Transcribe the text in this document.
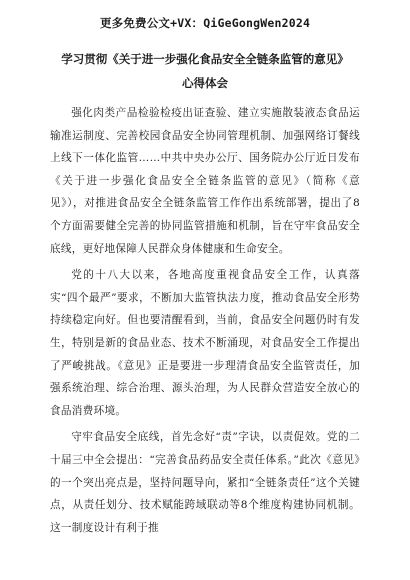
更多免费公文+VX：QiGeGongWen2024
学习贯彻《关于进一步强化食品安全全链条监管的意见》
心得体会

强化肉类产品检验检疫出证查验、建立实施散装液态食品运输准运制度、完善校园食品安全协同管理机制、加强网络订餐线上线下一体化监管……中共中央办公厅、国务院办公厅近日发布《关于进一步强化食品安全全链条监管的意见》（简称《意见》），对推进食品安全全链条监管工作作出系统部署，提出了8个方面需要健全完善的协同监管措施和机制，旨在守牢食品安全底线，更好地保障人民群众身体健康和生命安全。

党的十八大以来，各地高度重视食品安全工作，认真落实“四个最严”要求，不断加大监管执法力度，推动食品安全形势持续稳定向好。但也要清醒看到，当前，食品安全问题仍时有发生，特别是新的食品业态、技术不断涌现，对食品安全工作提出了严峻挑战。《意见》正是要进一步理清食品安全监管责任，加强系统治理、综合治理、源头治理，为人民群众营造安全放心的食品消费环境。

守牢食品安全底线，首先念好“责”字诀，以责促效。党的二十届三中全会提出：“完善食品药品安全责任体系。”此次《意见》的一个突出亮点是，坚持问题导向，紧扣“全链条责任”这个关键点，从责任划分、技术赋能跨域联动等8个维度构建协同机制。这一制度设计有利于推
